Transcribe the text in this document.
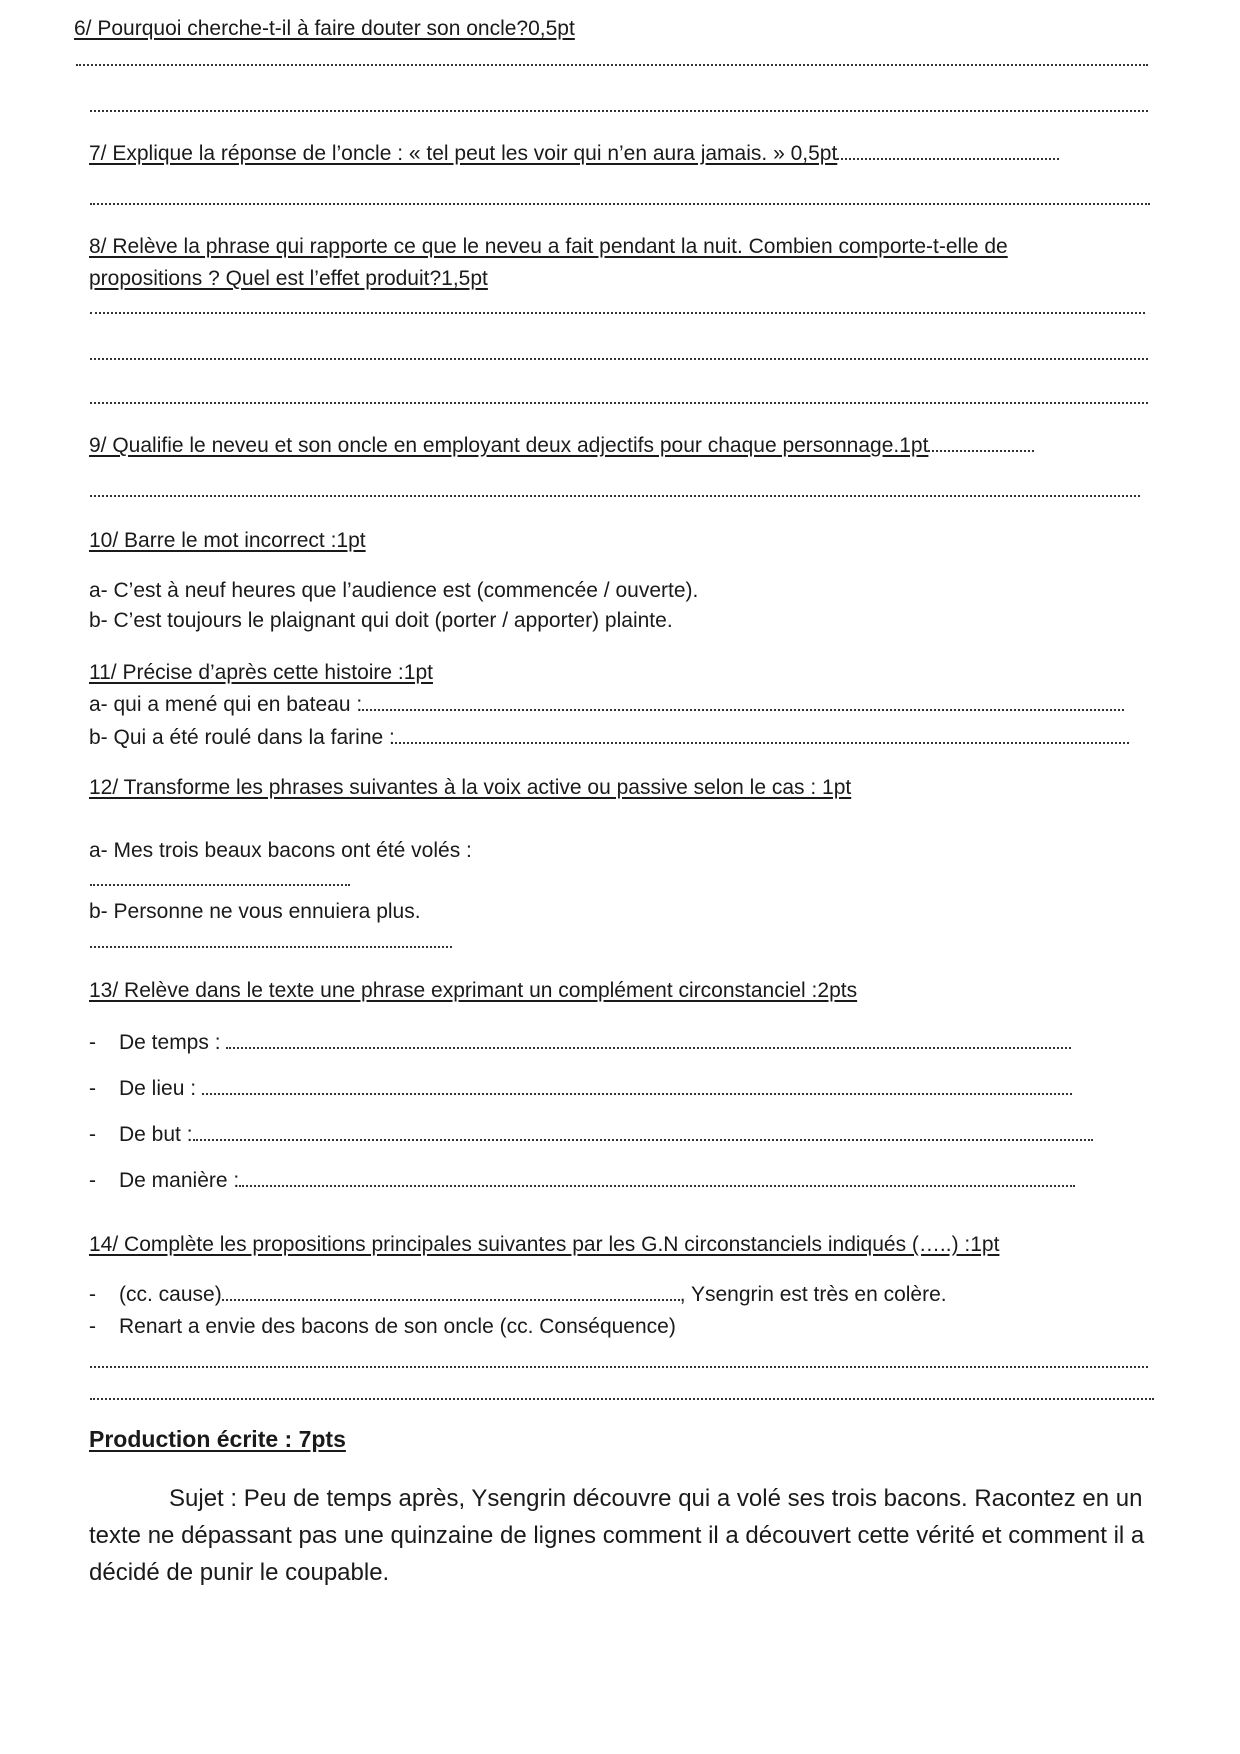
6/ Pourquoi cherche-t-il à faire douter son oncle?0,5pt
7/ Explique la réponse de l’oncle : « tel peut les voir qui n’en aura jamais. » 0,5pt
8/ Relève la phrase qui rapporte ce que le neveu a fait pendant la nuit. Combien comporte-t-elle de
propositions ? Quel est l’effet produit?1,5pt
9/ Qualifie le neveu et son oncle en employant deux adjectifs pour chaque personnage.1pt
10/ Barre le mot incorrect :1pt
a- C’est à neuf heures que l’audience est (commencée / ouverte).
b- C’est toujours le plaignant qui doit (porter / apporter) plainte.
11/ Précise d’après cette histoire :1pt
a- qui a mené qui en bateau :
b- Qui a été roulé dans la farine :
12/ Transforme les phrases suivantes à la voix active ou passive selon le cas : 1pt
a- Mes trois beaux bacons ont été volés :
b- Personne ne vous ennuiera plus.
13/ Relève dans le texte une phrase exprimant un complément circonstanciel :2pts
- De temps :
- De lieu :
- De but :
- De manière :
14/ Complète les propositions principales suivantes par les G.N circonstanciels indiqués (…..) :1pt
- (cc. cause)	, Ysengrin est très en colère.
- Renart a envie des bacons de son oncle (cc. Conséquence)
Production écrite : 7pts
Sujet : Peu de temps après, Ysengrin découvre qui a volé ses trois bacons. Racontez en un texte ne dépassant pas une quinzaine de lignes comment il a découvert cette vérité et comment il a décidé de punir le coupable.
